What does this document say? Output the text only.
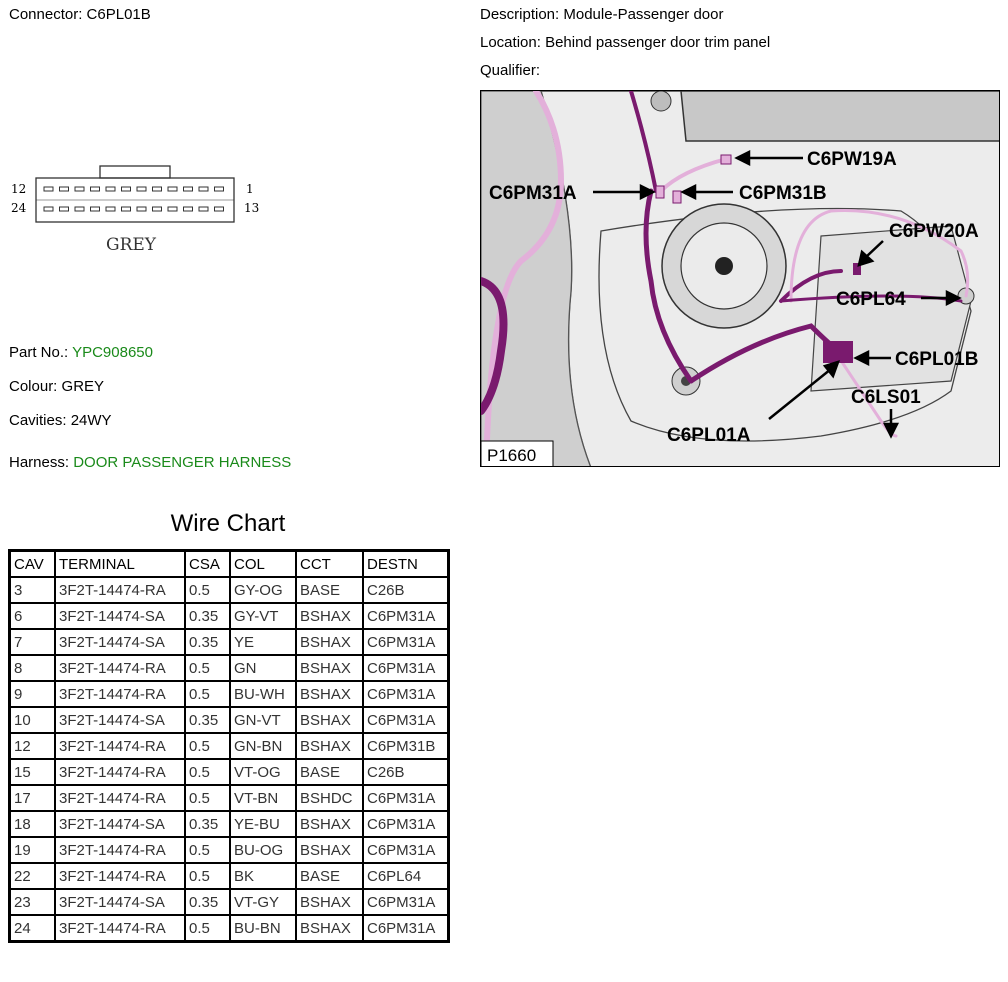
Connector: C6PL01B	Description: Module-Passenger door
Location: Behind passenger door trim panel
Qualifier:
12
24
1
13
GREY
Part No.: YPC908650
Colour: GREY
Cavities: 24WY
Harness: DOOR PASSENGER HARNESS
C6PW19A
C6PM31A	C6PM31B
C6PW20A
C6PL64
C6PL01B
C6LS01
C6PL01A
P1660
Wire Chart
CAV	TERMINAL	CSA	COL	CCT	DESTN
3	3F2T-14474-RA	0.5	GY-OG	BASE	C26B
6	3F2T-14474-SA	0.35	GY-VT	BSHAX	C6PM31A
7	3F2T-14474-SA	0.35	YE	BSHAX	C6PM31A
8	3F2T-14474-RA	0.5	GN	BSHAX	C6PM31A
9	3F2T-14474-RA	0.5	BU-WH	BSHAX	C6PM31A
10	3F2T-14474-SA	0.35	GN-VT	BSHAX	C6PM31A
12	3F2T-14474-RA	0.5	GN-BN	BSHAX	C6PM31B
15	3F2T-14474-RA	0.5	VT-OG	BASE	C26B
17	3F2T-14474-RA	0.5	VT-BN	BSHDC	C6PM31A
18	3F2T-14474-SA	0.35	YE-BU	BSHAX	C6PM31A
19	3F2T-14474-RA	0.5	BU-OG	BSHAX	C6PM31A
22	3F2T-14474-RA	0.5	BK	BASE	C6PL64
23	3F2T-14474-SA	0.35	VT-GY	BSHAX	C6PM31A
24	3F2T-14474-RA	0.5	BU-BN	BSHAX	C6PM31A
